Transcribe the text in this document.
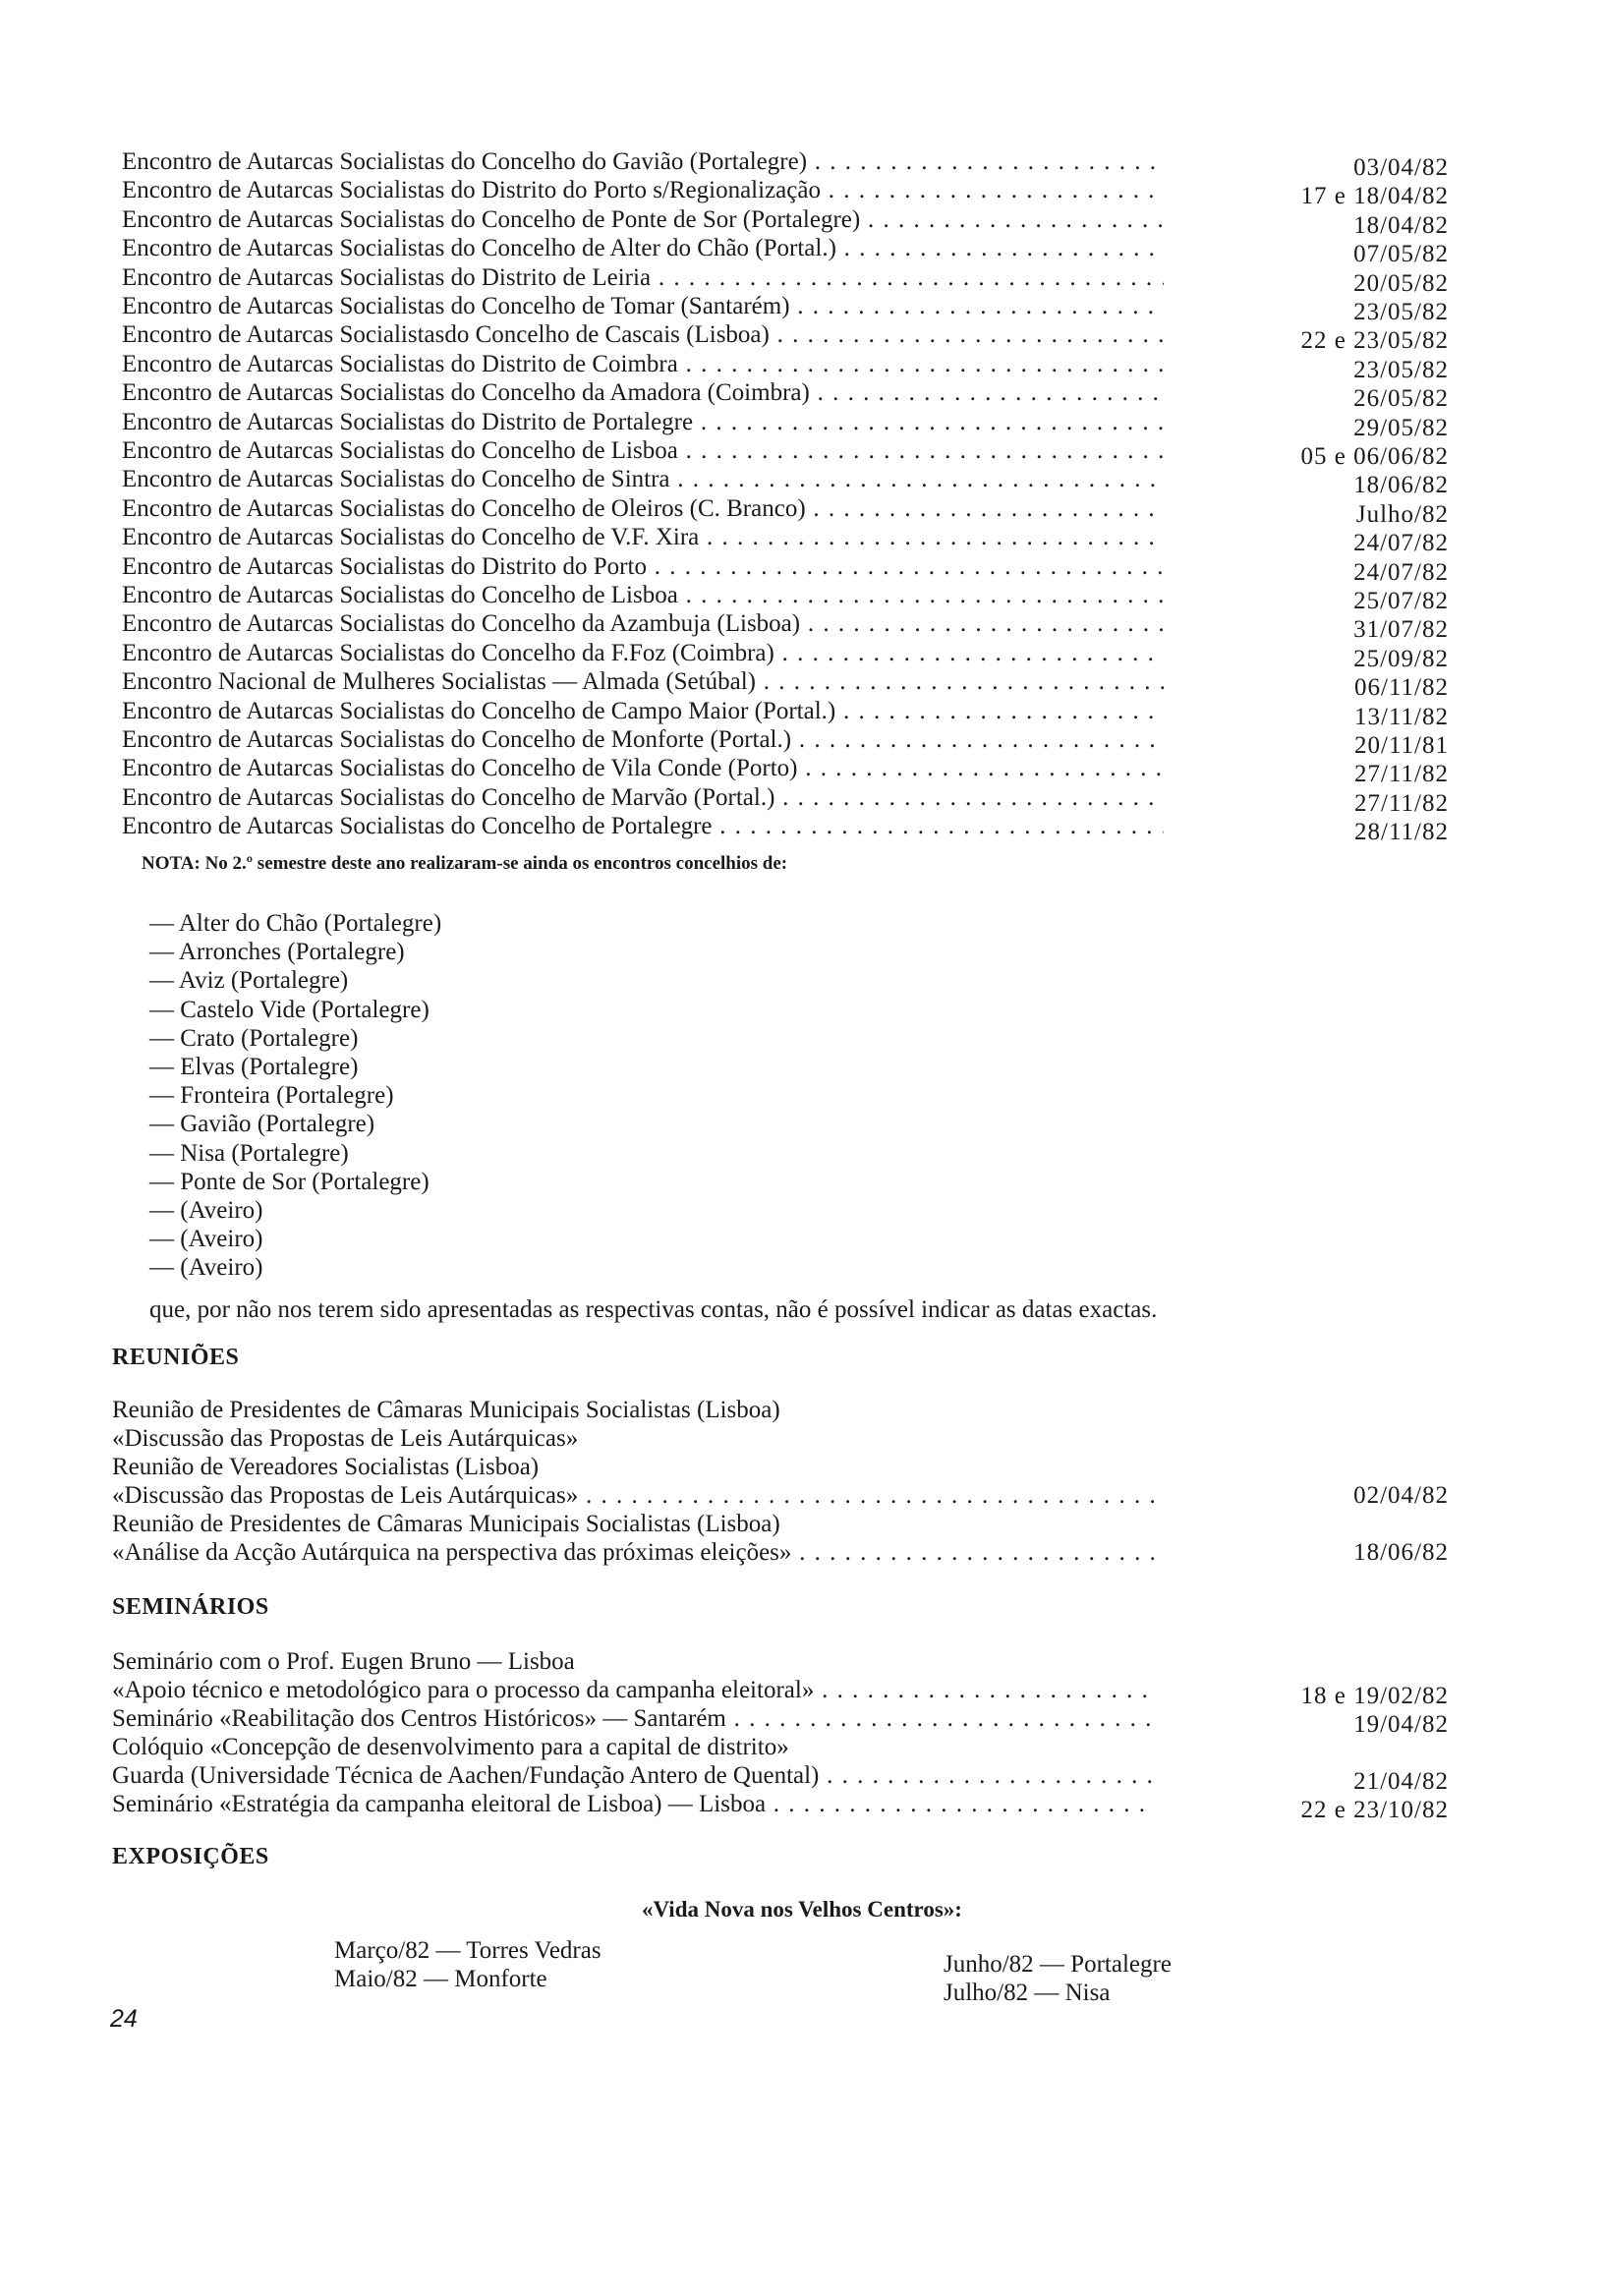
Encontro de Autarcas Socialistas do Concelho do Gavião (Portalegre) . . .	03/04/82
Encontro de Autarcas Socialistas do Distrito do Porto s/Regionalização . . .	17 e 18/04/82
Encontro de Autarcas Socialistas do Concelho de Ponte de Sor (Portalegre) . . .	18/04/82
Encontro de Autarcas Socialistas do Concelho de Alter do Chão (Portal.) . . .	07/05/82
Encontro de Autarcas Socialistas do Distrito de Leiria . . .	20/05/82
Encontro de Autarcas Socialistas do Concelho de Tomar (Santarém) . . .	23/05/82
Encontro de Autarcas Socialistasdo Concelho de Cascais (Lisboa) . . .	22 e 23/05/82
Encontro de Autarcas Socialistas do Distrito de Coimbra . . .	23/05/82
Encontro de Autarcas Socialistas do Concelho da Amadora (Coimbra) . . .	26/05/82
Encontro de Autarcas Socialistas do Distrito de Portalegre . . .	29/05/82
Encontro de Autarcas Socialistas do Concelho de Lisboa . . .	05 e 06/06/82
Encontro de Autarcas Socialistas do Concelho de Sintra . . .	18/06/82
Encontro de Autarcas Socialistas do Concelho de Oleiros (C. Branco) . . .	Julho/82
Encontro de Autarcas Socialistas do Concelho de V.F. Xira . . .	24/07/82
Encontro de Autarcas Socialistas do Distrito do Porto . . .	24/07/82
Encontro de Autarcas Socialistas do Concelho de Lisboa . . .	25/07/82
Encontro de Autarcas Socialistas do Concelho da Azambuja (Lisboa) . . .	31/07/82
Encontro de Autarcas Socialistas do Concelho da F.Foz (Coimbra) . . .	25/09/82
Encontro Nacional de Mulheres Socialistas — Almada (Setúbal) . . .	06/11/82
Encontro de Autarcas Socialistas do Concelho de Campo Maior (Portal.) . . .	13/11/82
Encontro de Autarcas Socialistas do Concelho de Monforte (Portal.) . . .	20/11/81
Encontro de Autarcas Socialistas do Concelho de Vila Conde (Porto) . . .	27/11/82
Encontro de Autarcas Socialistas do Concelho de Marvão (Portal.) . . .	27/11/82
Encontro de Autarcas Socialistas do Concelho de Portalegre . . .	28/11/82
NOTA: No 2.º semestre deste ano realizaram-se ainda os encontros concelhios de:
— Alter do Chão (Portalegre)
— Arronches (Portalegre)
— Aviz (Portalegre)
— Castelo Vide (Portalegre)
— Crato (Portalegre)
— Elvas (Portalegre)
— Fronteira (Portalegre)
— Gavião (Portalegre)
— Nisa (Portalegre)
— Ponte de Sor (Portalegre)
— (Aveiro)
— (Aveiro)
— (Aveiro)
que, por não nos terem sido apresentadas as respectivas contas, não é possível indicar as datas exactas.
REUNIÕES
Reunião de Presidentes de Câmaras Municipais Socialistas (Lisboa)
«Discussão das Propostas de Leis Autárquicas»
Reunião de Vereadores Socialistas (Lisboa)
«Discussão das Propostas de Leis Autárquicas» . . .	02/04/82
Reunião de Presidentes de Câmaras Municipais Socialistas (Lisboa)
«Análise da Acção Autárquica na perspectiva das próximas eleições» . . .	18/06/82
SEMINÁRIOS
Seminário com o Prof. Eugen Bruno — Lisboa
«Apoio técnico e metodológico para o processo da campanha eleitoral» . . .	18 e 19/02/82
Seminário «Reabilitação dos Centros Históricos» — Santarém . . .	19/04/82
Colóquio «Concepção de desenvolvimento para a capital de distrito»
Guarda (Universidade Técnica de Aachen/Fundação Antero de Quental) . . .	21/04/82
Seminário «Estratégia da campanha eleitoral de Lisboa) — Lisboa . . .	22 e 23/10/82
EXPOSIÇÕES
«Vida Nova nos Velhos Centros»:
Março/82 — Torres Vedras
Maio/82 — Monforte
Junho/82 — Portalegre
Julho/82 — Nisa
24
